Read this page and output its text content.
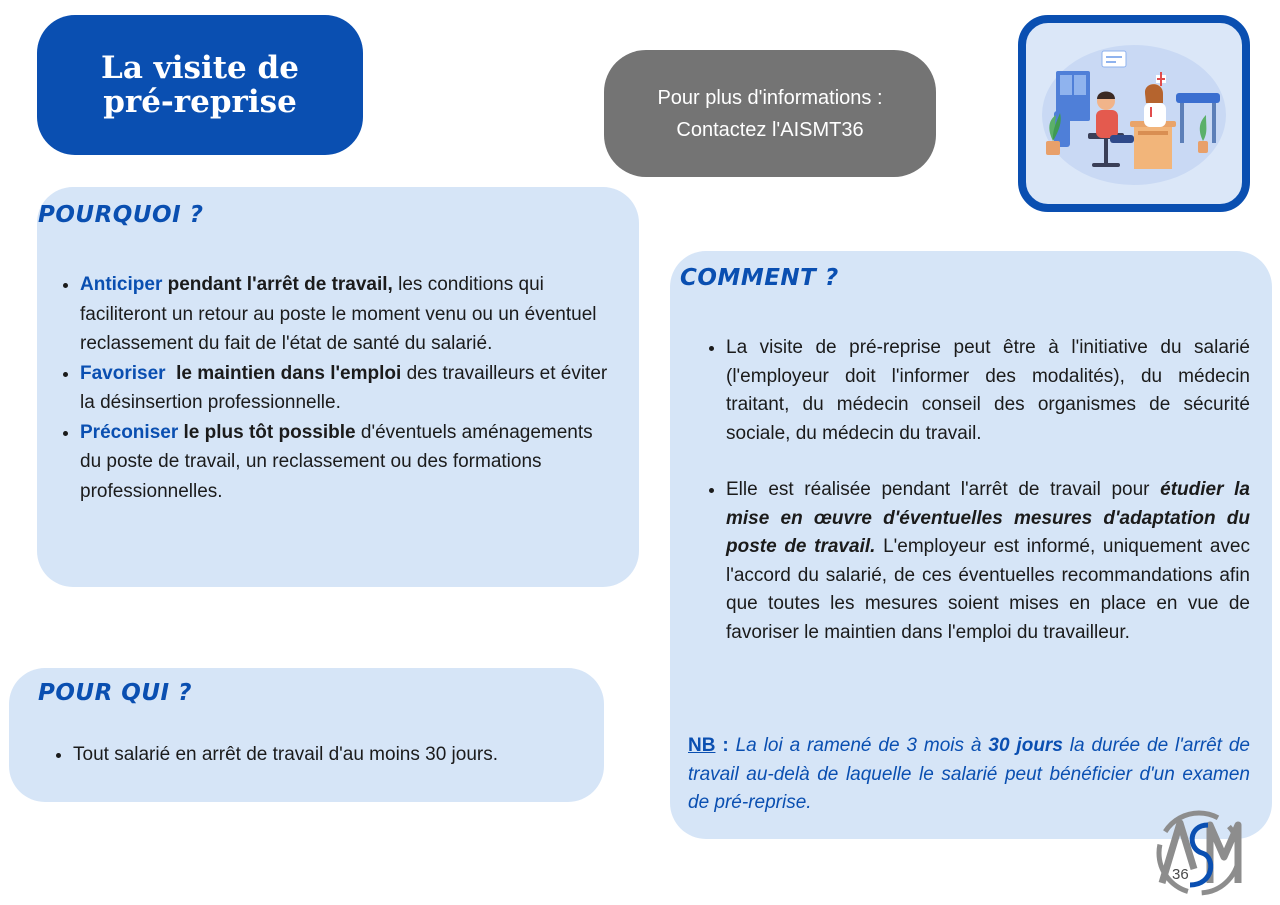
La visite de
pré-reprise	Pour plus d'informations :
Contactez l'AISMT36
POURQUOI ?
• Anticiper pendant l'arrêt de travail, les conditions qui faciliteront un retour au poste le moment venu ou un éventuel reclassement du fait de l'état de santé du salarié.
• Favoriser  le maintien dans l'emploi des travailleurs et éviter la désinsertion professionnelle.
• Préconiser le plus tôt possible d'éventuels aménagements du poste de travail, un reclassement ou des formations professionnelles.
POUR QUI ?
• Tout salarié en arrêt de travail d'au moins 30 jours.
COMMENT ?
• La visite de pré-reprise peut être à l'initiative du salarié (l'employeur doit l'informer des modalités), du médecin traitant, du médecin conseil des organismes de sécurité sociale, du médecin du travail.
• Elle est réalisée pendant l'arrêt de travail pour étudier la mise en œuvre d'éventuelles mesures d'adaptation du poste de travail. L'employeur est informé, uniquement avec l'accord du salarié, de ces éventuelles recommandations afin que toutes les mesures soient mises en place en vue de favoriser le maintien dans l'emploi du travailleur.
NB : La loi a ramené de 3 mois à 30 jours la durée de l'arrêt de travail au-delà de laquelle le salarié peut bénéficier d'un examen de pré-reprise.
36
